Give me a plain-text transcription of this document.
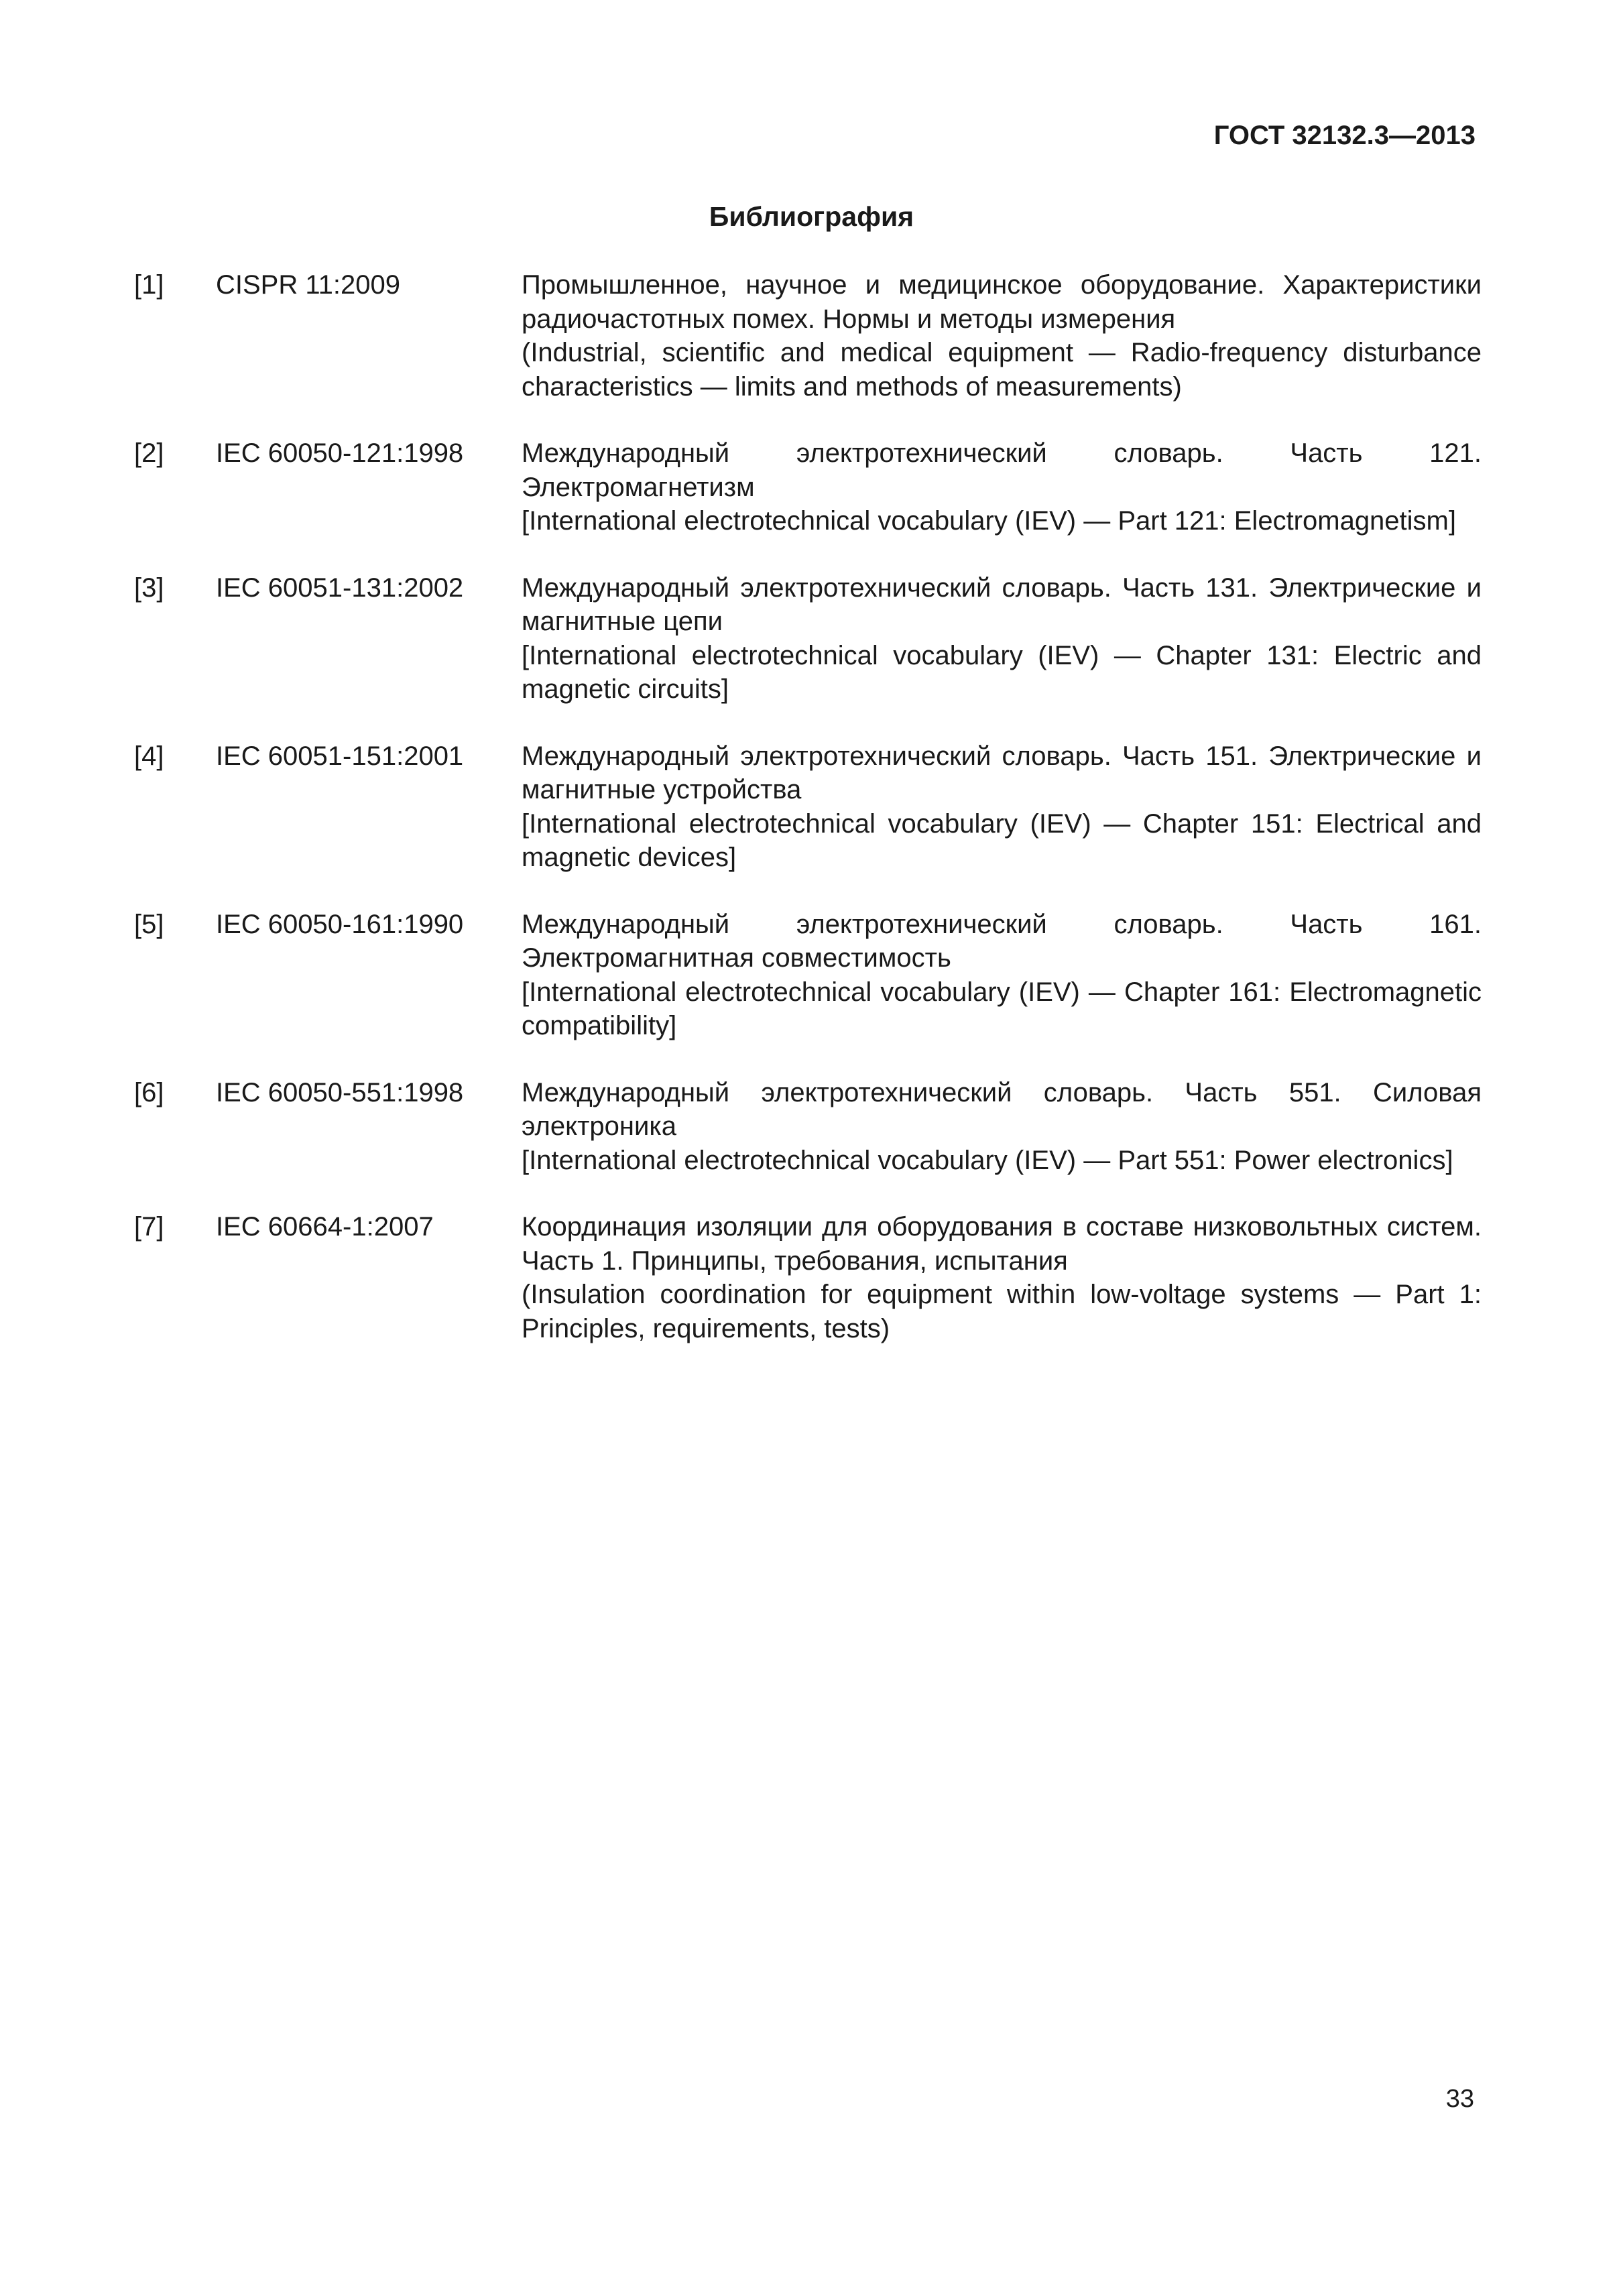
ГОСТ 32132.3—2013
Библиография
[1]	CISPR 11:2009	Промышленное, научное и медицинское оборудование. Характеристики радиочастотных помех. Нормы и методы измерения
(Industrial, scientific and medical equipment — Radio-frequency disturbance characteristics — limits and methods of measurements)
[2]	IEC 60050-121:1998	Международный электротехнический словарь. Часть 121. Электромагнетизм
[International electrotechnical vocabulary (IEV) — Part 121: Electromagnetism]
[3]	IEC 60051-131:2002	Международный электротехнический словарь. Часть 131. Электрические и магнитные цепи
[International electrotechnical vocabulary (IEV) — Chapter 131: Electric and magnetic circuits]
[4]	IEC 60051-151:2001	Международный электротехнический словарь. Часть 151. Электрические и магнитные устройства
[International electrotechnical vocabulary (IEV) — Chapter 151: Electrical and magnetic devices]
[5]	IEC 60050-161:1990	Международный электротехнический словарь. Часть 161. Электромагнитная совместимость
[International electrotechnical vocabulary (IEV) — Chapter 161: Electromagnetic compatibility]
[6]	IEC 60050-551:1998	Международный электротехнический словарь. Часть 551. Силовая электроника
[International electrotechnical vocabulary (IEV) — Part 551: Power electronics]
[7]	IEC 60664-1:2007	Координация изоляции для оборудования в составе низковольтных систем. Часть 1. Принципы, требования, испытания
(Insulation coordination for equipment within low-voltage systems — Part 1: Principles, requirements, tests)
33
